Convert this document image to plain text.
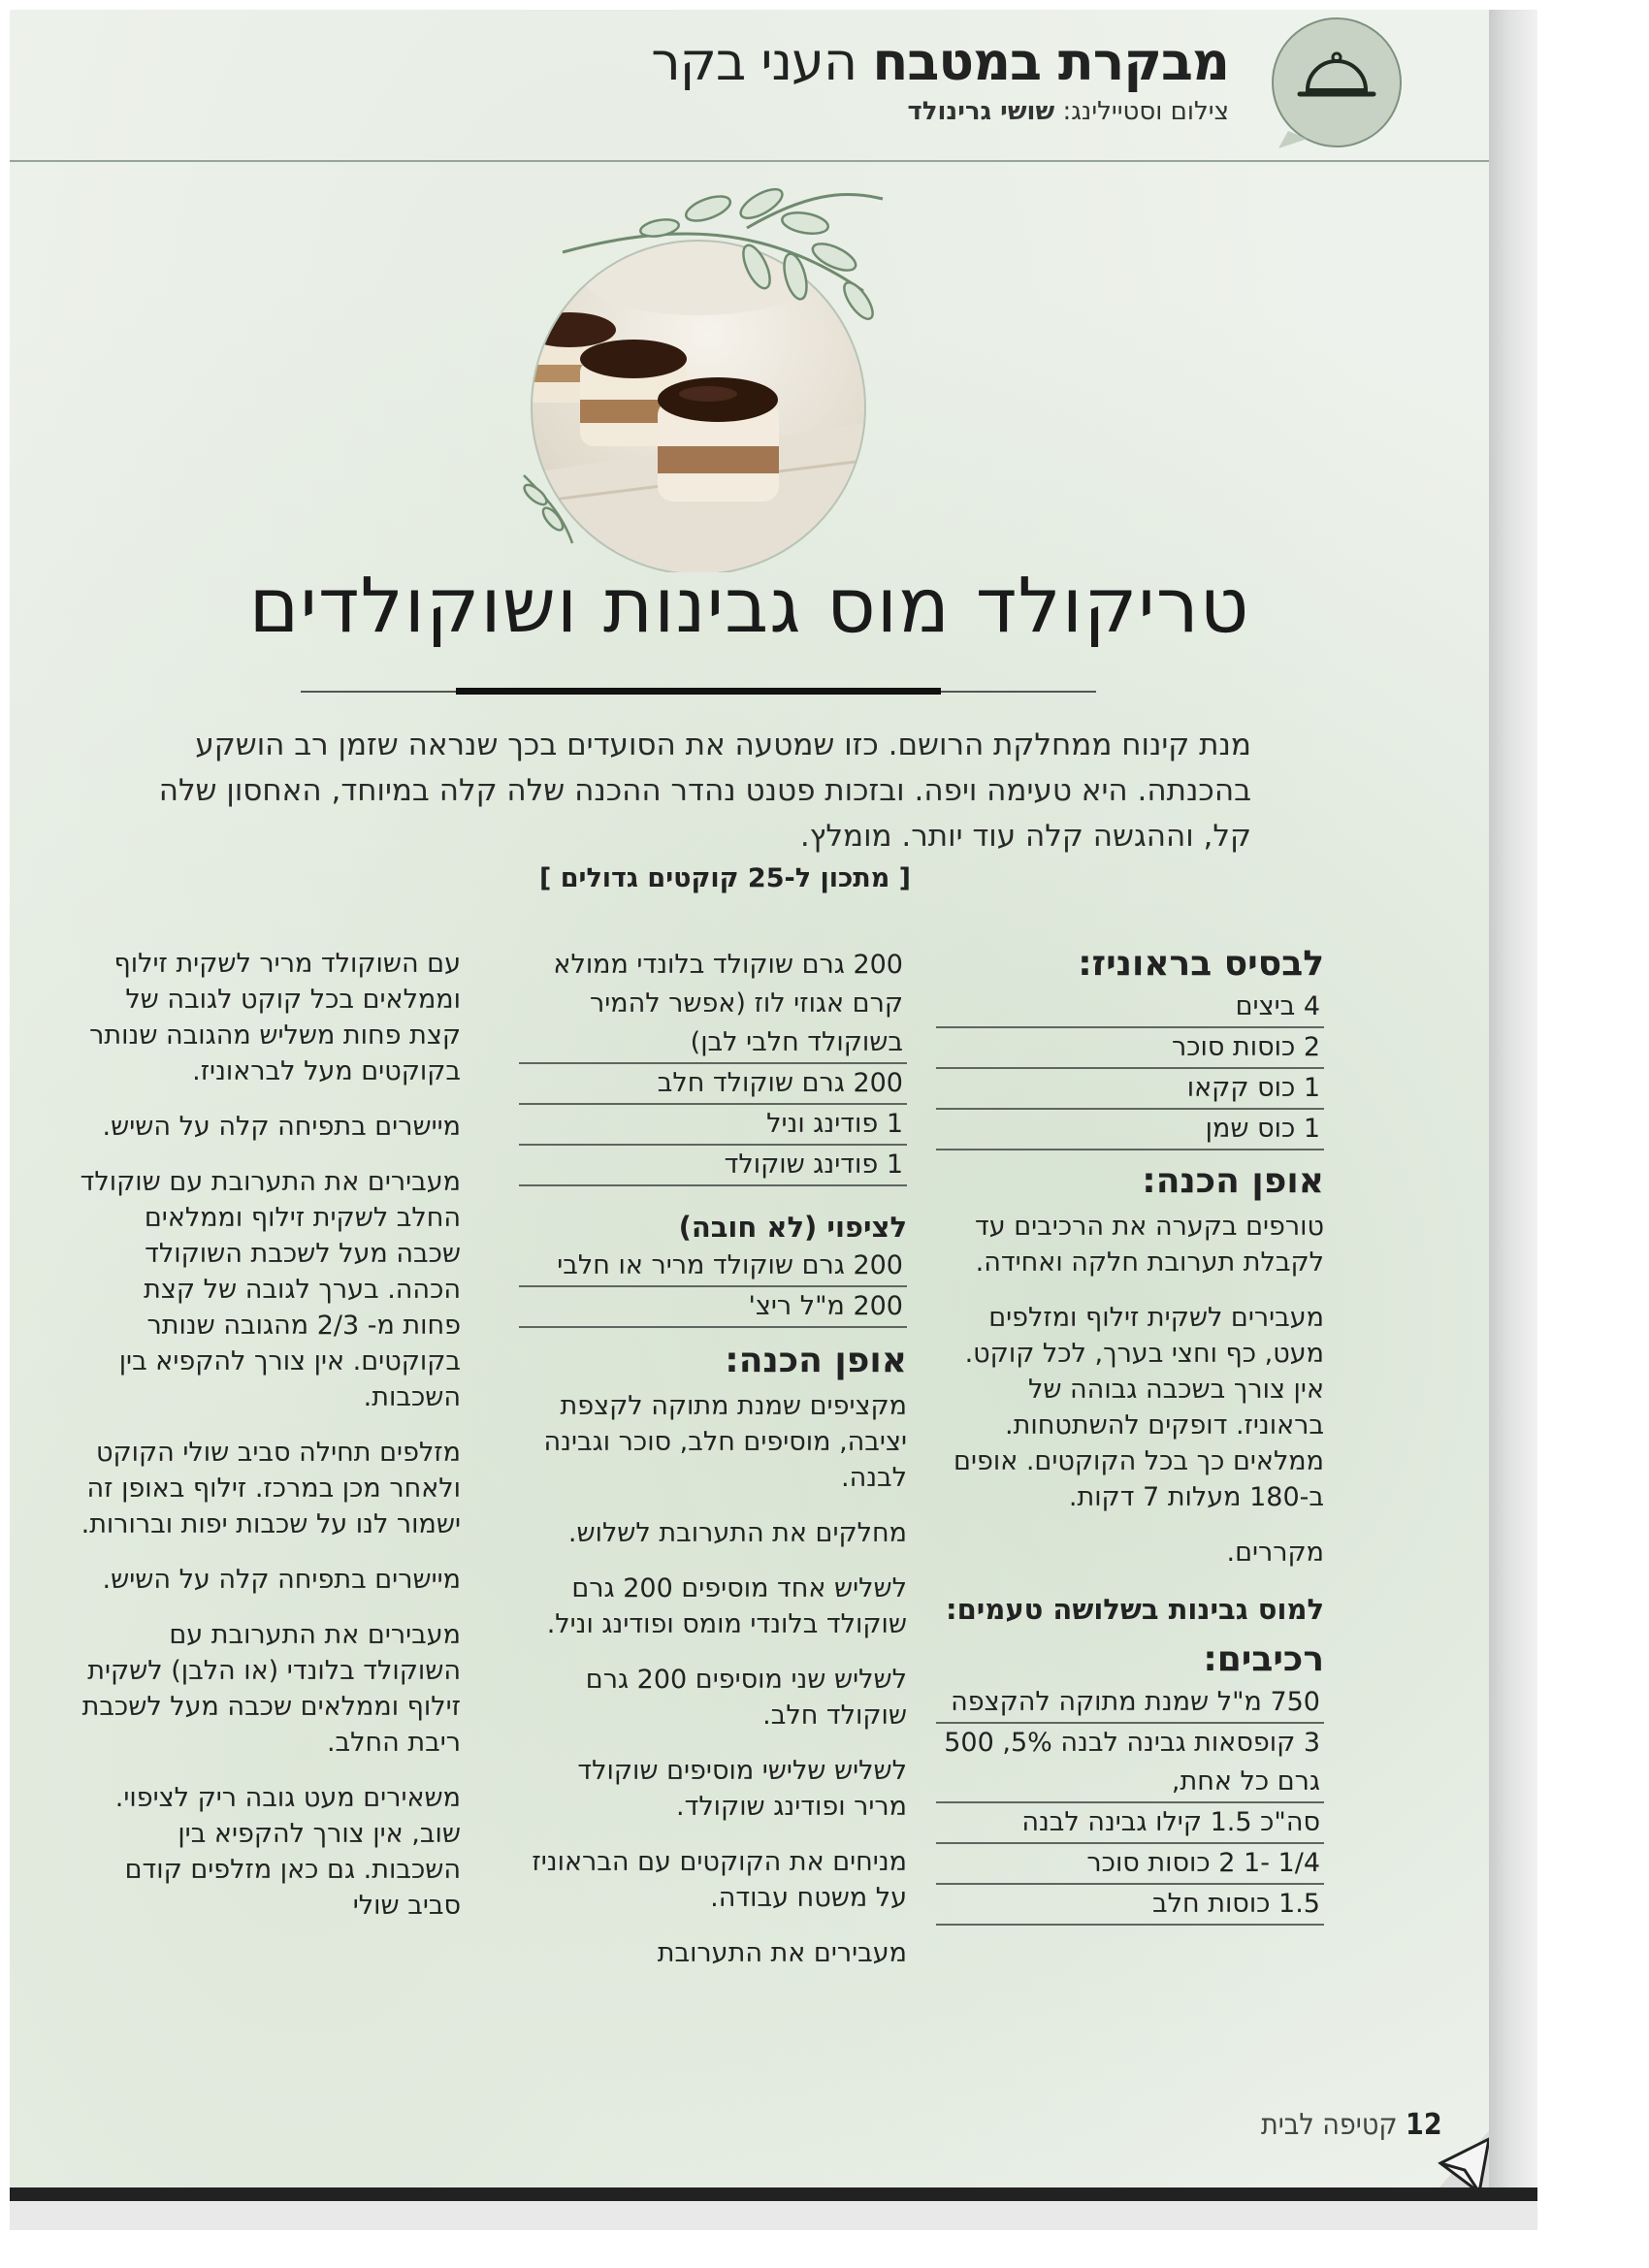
מבקרת במטבח העני בקר
צילום וסטיילינג: שושי גרינולד
טריקולד מוס גבינות ושוקולדים
מנת קינוח ממחלקת הרושם. כזו שמטעה את הסועדים בכך שנראה שזמן רב הושקע בהכנתה. היא טעימה ויפה. ובזכות פטנט נהדר ההכנה שלה קלה במיוחד, האחסון שלה קל, וההגשה קלה עוד יותר. מומלץ.
[ מתכון ל-25 קוקטים גדולים ]
לבסיס בראוניז:
4 ביצים
2 כוסות סוכר
1 כוס קקאו
1 כוס שמן
אופן הכנה:

טורפים בקערה את הרכיבים עד לקבלת תערובת חלקה ואחידה.

מעבירים לשקית זילוף ומזלפים מעט, כף וחצי בערך, לכל קוקט. אין צורך בשכבה גבוהה של בראוניז. דופקים להשתטחות. ממלאים כך בכל הקוקטים. אופים ב-180 מעלות 7 דקות.

מקררים.

למוס גבינות בשלושה טעמים:
רכיבים:
750 מ"ל שמנת מתוקה להקצפה
3 קופסאות גבינה לבנה 5%, 500 גרם כל אחת,
סה"כ 1.5 קילו גבינה לבנה
1/4 -1 2 כוסות סוכר
1.5 כוסות חלב
200 גרם שוקולד בלונדי ממולא קרם אגוזי לוז (אפשר להמיר בשוקולד חלבי לבן)
200 גרם שוקולד חלב
1 פודינג וניל
1 פודינג שוקולד
לציפוי (לא חובה)
200 גרם שוקולד מריר או חלבי
200 מ"ל ריצ'
אופן הכנה:

מקציפים שמנת מתוקה לקצפת יציבה, מוסיפים חלב, סוכר וגבינה לבנה.

מחלקים את התערובת לשלוש.

לשליש אחד מוסיפים 200 גרם שוקולד בלונדי מומס ופודינג וניל.

לשליש שני מוסיפים 200 גרם שוקולד חלב.

לשליש שלישי מוסיפים שוקולד מריר ופודינג שוקולד.

מניחים את הקוקטים עם הבראוניז על משטח עבודה.

מעבירים את התערובת

עם השוקולד מריר לשקית זילוף וממלאים בכל קוקט לגובה של קצת פחות משליש מהגובה שנותר בקוקטים מעל לבראוניז.

מיישרים בתפיחה קלה על השיש.

מעבירים את התערובת עם שוקולד החלב לשקית זילוף וממלאים שכבה מעל לשכבת השוקולד הכהה. בערך לגובה של קצת פחות מ- 2/3 מהגובה שנותר בקוקטים. אין צורך להקפיא בין השכבות.

מזלפים תחילה סביב שולי הקוקט ולאחר מכן במרכז. זילוף באופן זה ישמור לנו על שכבות יפות וברורות.

מיישרים בתפיחה קלה על השיש.

מעבירים את התערובת עם השוקולד בלונדי (או הלבן) לשקית זילוף וממלאים שכבה מעל לשכבת ריבת החלב.

משאירים מעט גובה ריק לציפוי. שוב, אין צורך להקפיא בין השכבות. גם כאן מזלפים קודם סביב שולי

12 קטיפה לבית
